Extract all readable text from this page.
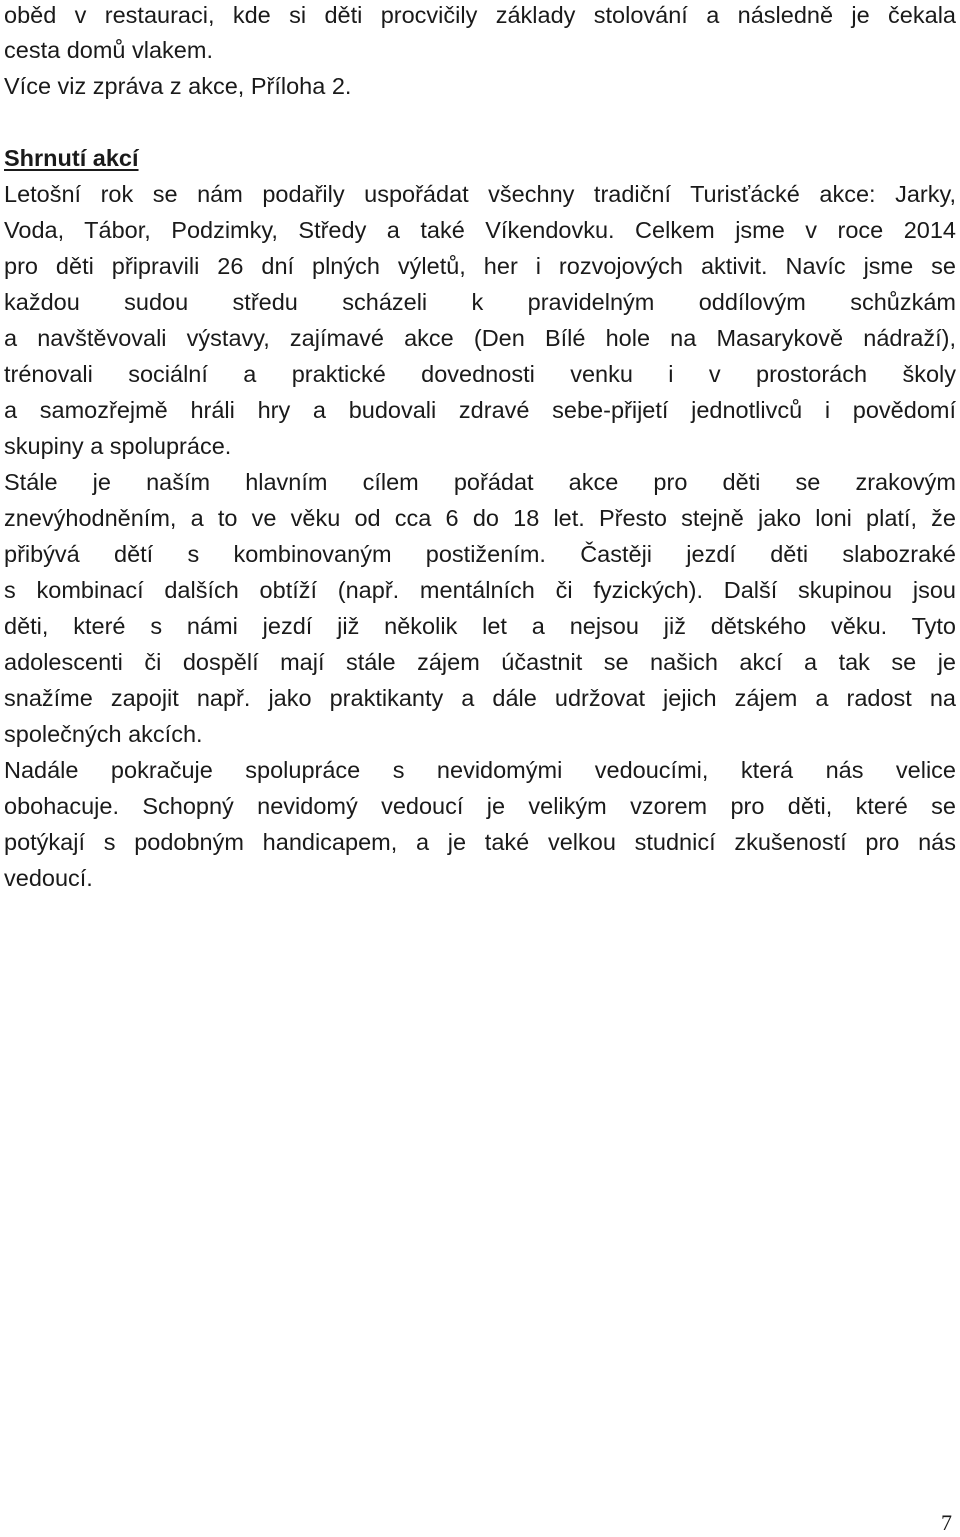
oběd v restauraci, kde si děti procvičily základy stolování a následně je čekala
cesta domů vlakem.
Více viz zpráva z akce, Příloha 2.
Shrnutí akcí
Letošní rok se nám podařily uspořádat všechny tradiční Turisťácké akce: Jarky,
Voda, Tábor, Podzimky, Středy a také Víkendovku. Celkem jsme v roce 2014
pro děti připravili 26 dní plných výletů, her i rozvojových aktivit. Navíc jsme se
každou sudou středu scházeli k pravidelným oddílovým schůzkám
a navštěvovali výstavy, zajímavé akce (Den Bílé hole na Masarykově nádraží),
trénovali sociální a praktické dovednosti venku i v prostorách školy
a samozřejmě hráli hry a budovali zdravé sebe-přijetí jednotlivců i povědomí
skupiny a spolupráce.
Stále je naším hlavním cílem pořádat akce pro děti se zrakovým
znevýhodněním, a to ve věku od cca 6 do 18 let. Přesto stejně jako loni platí, že
přibývá dětí s kombinovaným postižením. Častěji jezdí děti slabozraké
s kombinací dalších obtíží (např. mentálních či fyzických). Další skupinou jsou
děti, které s námi jezdí již několik let a nejsou již dětského věku. Tyto
adolescenti či dospělí mají stále zájem účastnit se našich akcí a tak se je
snažíme zapojit např. jako praktikanty a dále udržovat jejich zájem a radost na
společných akcích.
Nadále pokračuje spolupráce s nevidomými vedoucími, která nás velice
obohacuje. Schopný nevidomý vedoucí je velikým vzorem pro děti, které se
potýkají s podobným handicapem, a je také velkou studnicí zkušeností pro nás
vedoucí.
7
